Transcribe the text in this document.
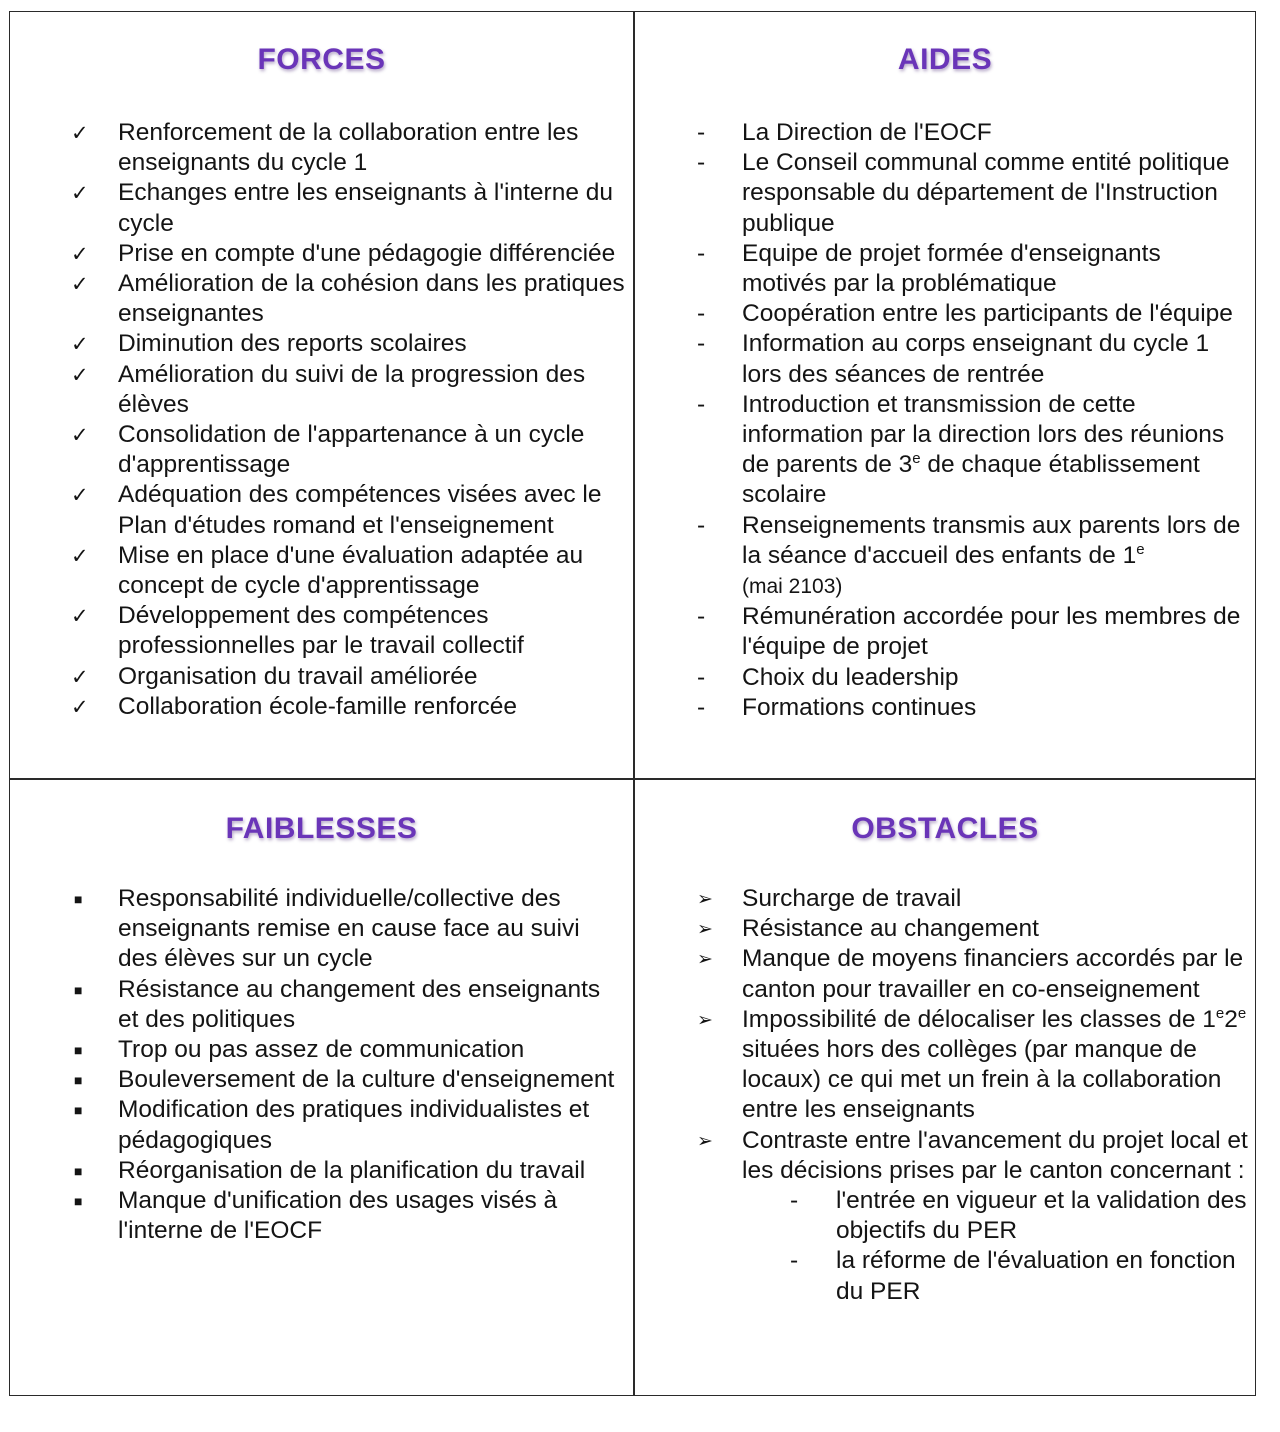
FORCES
✓	Renforcement de la collaboration entre les enseignants du cycle 1
✓	Echanges entre les enseignants à l'interne du cycle
✓	Prise en compte d'une pédagogie différenciée
✓	Amélioration de la cohésion dans les pratiques enseignantes
✓	Diminution des reports scolaires
✓	Amélioration du suivi de la progression des élèves
✓	Consolidation de l'appartenance à un cycle d'apprentissage
✓	Adéquation des compétences visées avec le Plan d'études romand et l'enseignement
✓	Mise en place d'une évaluation adaptée au concept de cycle d'apprentissage
✓	Développement des compétences professionnelles par le travail collectif
✓	Organisation du travail améliorée
✓	Collaboration école-famille renforcée
AIDES
-	La Direction de l'EOCF
-	Le Conseil communal comme entité politique responsable du département de l'Instruction publique
-	Equipe de projet formée d'enseignants motivés par la problématique
-	Coopération entre les participants de l'équipe
-	Information au corps enseignant du cycle 1 lors des séances de rentrée
-	Introduction et transmission de cette information par la direction lors des réunions de parents de 3e de chaque établissement scolaire
-	Renseignements transmis aux parents lors de la séance d'accueil des enfants de 1e
(mai 2103)
-	Rémunération accordée pour les membres de l'équipe de projet
-	Choix du leadership
-	Formations continues
FAIBLESSES
■	Responsabilité individuelle/collective des enseignants remise en cause face au suivi des élèves sur un cycle
■	Résistance au changement des enseignants et des politiques
■	Trop ou pas assez de communication
■	Bouleversement de la culture d'enseignement
■	Modification des pratiques individualistes et pédagogiques
■	Réorganisation de la planification du travail
■	Manque d'unification des usages visés à l'interne de l'EOCF
OBSTACLES
➢	Surcharge de travail
➢	Résistance au changement
➢	Manque de moyens financiers accordés par le canton pour travailler en co-enseignement
➢	Impossibilité de délocaliser les classes de 1e2e situées hors des collèges (par manque de locaux) ce qui met un frein à la collaboration entre les enseignants
➢	Contraste entre l'avancement du projet local et les décisions prises par le canton concernant :
-	l'entrée en vigueur et la validation des objectifs du PER
-	la réforme de l'évaluation en fonction du PER
